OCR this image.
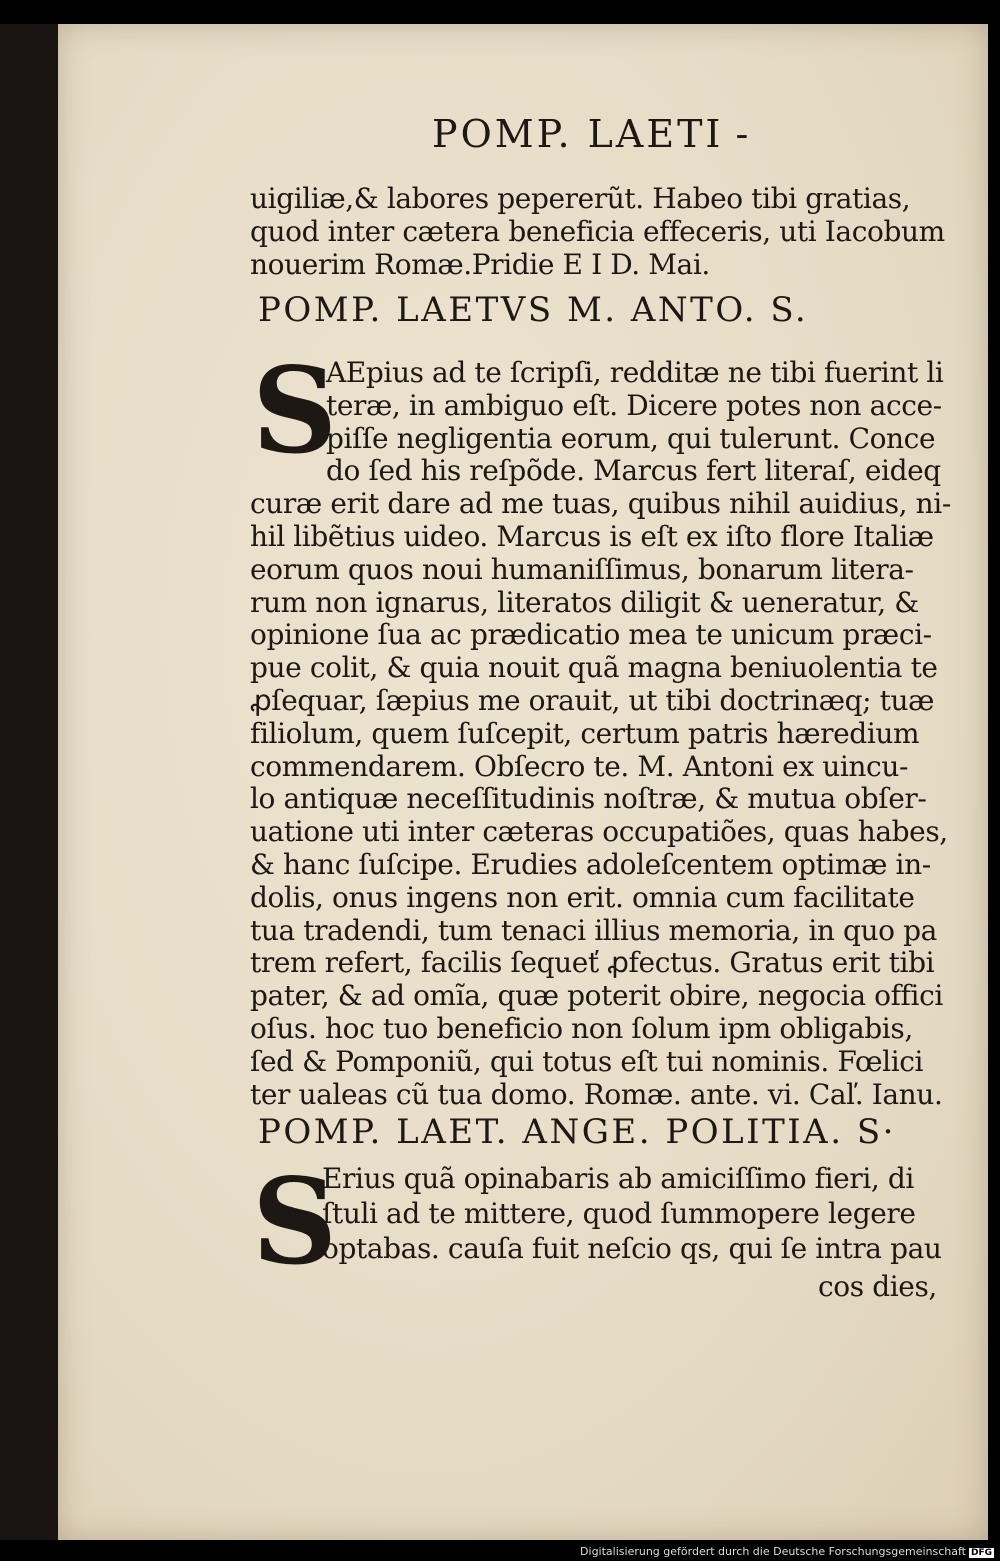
POMP. LAETI -
uigiliæ,& labores pepererũt. Habeo tibi gratias,
quod inter cætera beneficia effeceris, uti Iacobum
nouerim Romæ.Pridie E I D. Mai.
POMP. LAETVS M. ANTO. S.
S
AEpius ad te ſcripſi, redditæ ne tibi fuerint li
teræ, in ambiguo eſt. Dicere potes non acce-
piſſe negligentia eorum, qui tulerunt. Conce
do ſed his reſpõde. Marcus fert literaſ, eideq
curæ erit dare ad me tuas, quibus nihil auidius, ni-
hil libẽtius uideo. Marcus is eſt ex iſto flore Italiæ
eorum quos noui humaniſſimus, bonarum litera-
rum non ignarus, literatos diligit & ueneratur, &
opinione ſua ac prædicatio mea te unicum præci-
pue colit, & quia nouit quã magna beniuolentia te
ꝓſequar, ſæpius me orauit, ut tibi doctrinæq; tuæ
filiolum, quem ſuſcepit, certum patris hæredium
commendarem. Obſecro te. M. Antoni ex uincu-
lo antiquæ neceſſitudinis noſtræ, & mutua obſer-
uatione uti inter cæteras occupatiões, quas habes,
& hanc ſuſcipe. Erudies adoleſcentem optimæ in-
dolis, onus ingens non erit. omnia cum facilitate
tua tradendi, tum tenaci illius memoria, in quo pa
trem refert, facilis ſequeť ꝓfectus. Gratus erit tibi
pater, & ad omĩa, quæ poterit obire, negocia offici
oſus. hoc tuo beneficio non ſolum ipm obligabis,
ſed & Pomponiũ, qui totus eſt tui nominis. Fœlici
ter ualeas cũ tua domo. Romæ. ante. vi. Caľ. Ianu.
POMP. LAET. ANGE. POLITIA. S·
S
Erius quã opinabaris ab amiciſſimo fieri, di
ſtuli ad te mittere, quod ſummopere legere
optabas. cauſa fuit neſcio qs, qui ſe intra pau
cos dies,
Digitalisierung gefördert durch die Deutsche Forschungsgemeinschaft DFG
